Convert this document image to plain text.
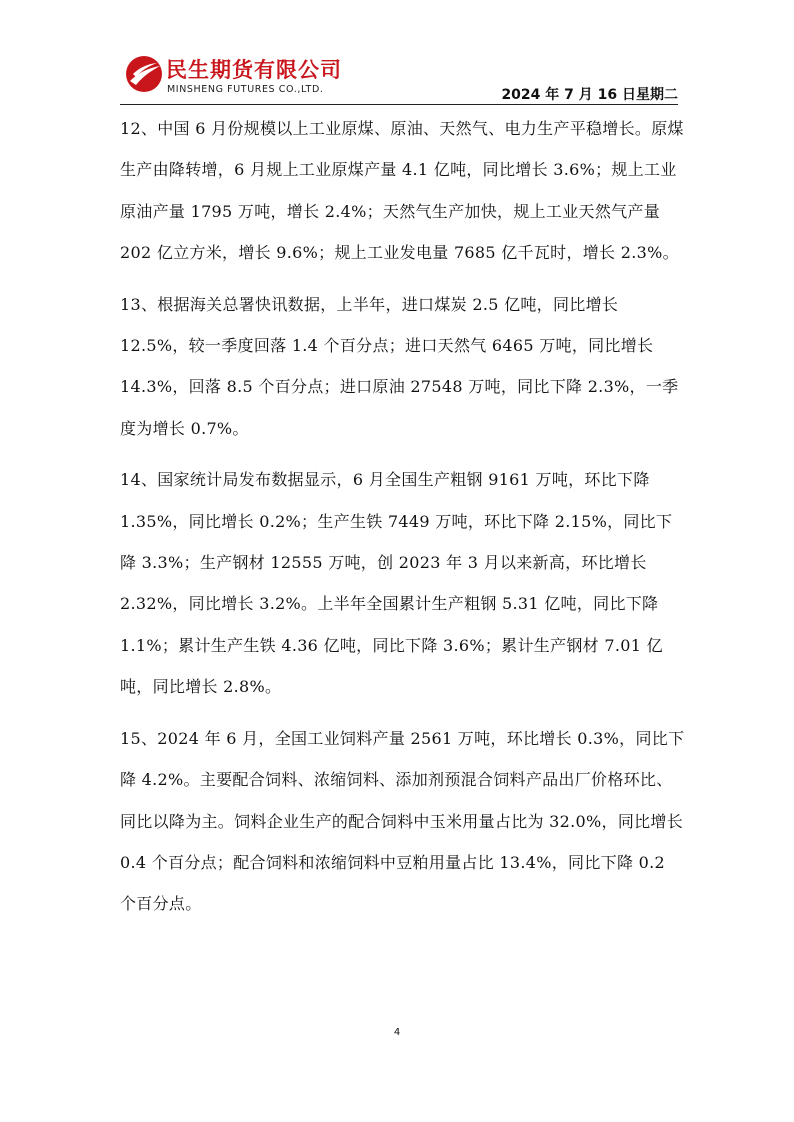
民生期货有限公司
MINSHENG FUTURES CO.,LTD.	2024 年 7 月 16 日星期二

12、中国 6 月份规模以上工业原煤、原油、天然气、电力生产平稳增长。原煤生产由降转增，6 月规上工业原煤产量 4.1 亿吨，同比增长 3.6%；规上工业原油产量 1795 万吨，增长 2.4%；天然气生产加快，规上工业天然气产量 202 亿立方米，增长 9.6%；规上工业发电量 7685 亿千瓦时，增长 2.3%。

13、根据海关总署快讯数据，上半年，进口煤炭 2.5 亿吨，同比增长 12.5%，较一季度回落 1.4 个百分点；进口天然气 6465 万吨，同比增长 14.3%，回落 8.5 个百分点；进口原油 27548 万吨，同比下降 2.3%，一季度为增长 0.7%。

14、国家统计局发布数据显示，6 月全国生产粗钢 9161 万吨，环比下降 1.35%，同比增长 0.2%；生产生铁 7449 万吨，环比下降 2.15%，同比下降 3.3%；生产钢材 12555 万吨，创 2023 年 3 月以来新高，环比增长 2.32%，同比增长 3.2%。上半年全国累计生产粗钢 5.31 亿吨，同比下降 1.1%；累计生产生铁 4.36 亿吨，同比下降 3.6%；累计生产钢材 7.01 亿吨，同比增长 2.8%。

15、2024 年 6 月，全国工业饲料产量 2561 万吨，环比增长 0.3%，同比下降 4.2%。主要配合饲料、浓缩饲料、添加剂预混合饲料产品出厂价格环比、同比以降为主。饲料企业生产的配合饲料中玉米用量占比为 32.0%，同比增长 0.4 个百分点；配合饲料和浓缩饲料中豆粕用量占比 13.4%，同比下降 0.2 个百分点。

4
